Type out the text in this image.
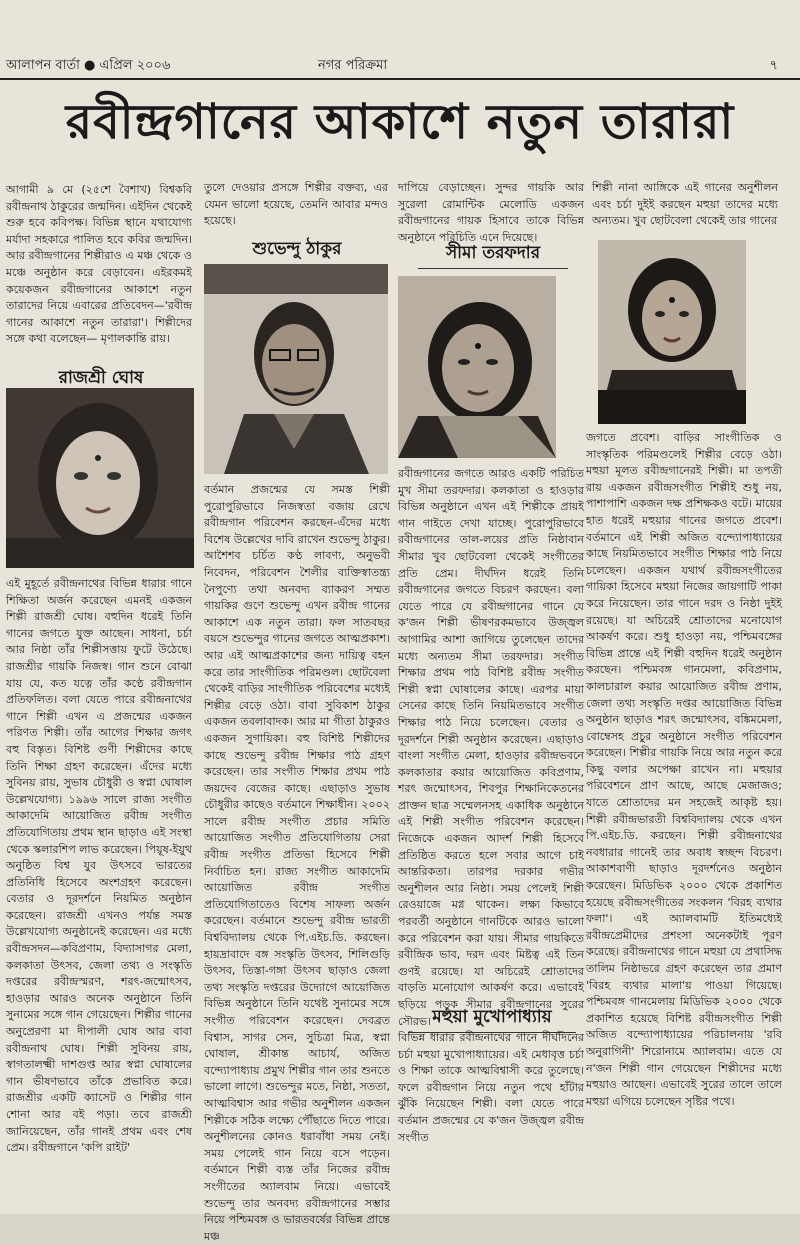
আলাপন বার্তা ● এপ্রিল ২০০৬	নগর পরিক্রমা	৭
রবীন্দ্রগানের আকাশে নতুন তারারা
আগামী ৯ মে (২৫শে বৈশাখ) বিশ্বকবি রবীন্দ্রনাথ ঠাকুরের জন্মদিন। এইদিন থেকেই শুরু হবে কবিপক্ষ। বিভিন্ন স্থানে যথাযোগ্য মর্যাদা সহকারে পালিত হবে কবির জন্মদিন। আর রবীন্দ্রগানের শিল্পীরাও এ মঞ্চ থেকে ও মঞ্চে অনুষ্ঠান করে বেড়াবেন। এইরকমই কয়েকজন রবীন্দ্রগানের আকাশে নতুন তারাদের নিয়ে এবারের প্রতিবেদন—'রবীন্দ্র গানের আকাশে নতুন তারারা'। শিল্পীদের সঙ্গে কথা বলেছেন— মৃণালকান্তি রায়।
রাজশ্রী ঘোষ
এই মুহূর্তে রবীন্দ্রনাথের বিভিন্ন ধারার গানে শিক্ষিতা অর্জন করেছেন এমনই একজন শিল্পী রাজশ্রী ঘোষ। বহুদিন ধরেই তিনি গানের জগতে যুক্ত আছেন। সাধনা, চর্চা আর নিষ্ঠা তাঁর শিল্পীসত্তায় ফুটে উঠেছে। রাজশ্রীর গায়কি নিজস্ব। গান শুনে বোঝা যায় যে, কত যত্নে তাঁর কণ্ঠে রবীন্দ্রগান প্রতিফলিত। বলা যেতে পারে রবীন্দ্রনাথের গানে শিল্পী এখন এ প্রজন্মের একজন পরিণত শিল্পী। তাঁর আগের শিক্ষার জগৎ বহু বিস্তৃত। বিশিষ্ট গুণী শিল্পীদের কাছে তিনি শিক্ষা গ্রহণ করেছেন। এঁদের মধ্যে সুবিনয় রায়, সুভাষ চৌধুরী ও স্বপ্না ঘোষাল উল্লেখযোগ্য। ১৯৯৬ সালে রাজ্য সংগীত আকাদেমি আয়োজিত রবীন্দ্র সংগীত প্রতিযোগিতায় প্রথম স্থান ছাড়াও এই সংস্থা থেকে স্কলারশিপ লাভ করেছেন। পিয়ূষ-ইয়ুথ অনুষ্ঠিত বিশ্ব যুব উৎসবে ভারতের প্রতিনিধি হিসেবে অংশগ্রহণ করেছেন। বেতার ও দূরদর্শনে নিয়মিত অনুষ্ঠান করেছেন। রাজশ্রী এখনও পর্যন্ত সমস্ত উল্লেখযোগ্য অনুষ্ঠানেই করেছেন। এর মধ্যে রবীন্দ্রসদন—কবিপ্রণাম, বিদ্যাসাগর মেলা, কলকাতা উৎসব, জেলা তথ্য ও সংস্কৃতি দপ্তরের রবীন্দ্রস্মরণ, শরৎ-জন্মোৎসব, হাওড়ার আরও অনেক অনুষ্ঠানে তিনি সুনামের সঙ্গে গান গেয়েছেন। শিল্পীর গানের অনুপ্রেরণা মা দীপালী ঘোষ আর বাবা রবীন্দ্রনাথ ঘোষ। শিল্পী সুবিনয় রায়, স্বাগতালক্ষ্মী দাশগুপ্ত আর স্বপ্না ঘোষালের গান ভীষণভাবে তাঁকে প্রভাবিত করে। রাজশ্রীর একটি ক্যাসেট ও শিল্পীর গান শোনা আর বই পড়া। তবে রাজশ্রী জানিয়েছেন, তাঁর গানই প্রথম এবং শেষ প্রেম। রবীন্দ্রগানে 'কপি রাইট'
তুলে দেওয়ার প্রসঙ্গে শিল্পীর বক্তব্য, এর যেমন ভালো হয়েছে, তেমনি আবার মন্দও হয়েছে।
শুভেন্দু ঠাকুর
বর্তমান প্রজন্মের যে সমস্ত শিল্পী পুরোপুরিভাবে নিজস্বতা বজায় রেখে রবীন্দ্রগান পরিবেশন করছেন-এঁদের মধ্যে বিশেষ উল্লেখের দাবি রাখেন শুভেন্দু ঠাকুর। আশৈশব চর্চিত কণ্ঠ লাবণ্য, অনুভবী নিবেদন, পরিবেশন শৈলীর ব্যক্তিস্বাতন্ত্র্য নৈপুণ্যে তথা অনবদ্য ব্যাকরণ সম্মত গায়কির গুণে শুভেন্দু এখন রবীন্দ্র গানের আকাশে এক নতুন তারা। ফল সাতবছর বয়সে শুভেন্দুর গানের জগতে আত্মপ্রকাশ। আর এই আত্মপ্রকাশের জন্য দায়িত্ব বহন করে তার সাংগীতিক পরিমণ্ডল। ছোটবেলা থেকেই বাড়ির সাংগীতিক পরিবেশের মধ্যেই শিল্পীর বেড়ে ওঠা। বাবা সুবিকাশ ঠাকুর একজন তবলাবাদক। আর মা গীতা ঠাকুরও একজন সুগায়িকা। বহু বিশিষ্ট শিল্পীদের কাছে শুভেন্দু রবীন্দ্র শিক্ষার পাঠ গ্রহণ করেছেন। তার সংগীত শিক্ষার প্রথম পাঠ জয়দেব বেজের কাছে। এছাড়াও সুভাষ চৌধুরীর কাছেও বর্তমানে শিক্ষাধীন। ২০০২ সালে রবীন্দ্র সংগীত প্রচার সমিতি আয়োজিত সংগীত প্রতিযোগিতায় সেরা রবীন্দ্র সংগীত প্রতিভা হিসেবে শিল্পী নির্বাচিত হন। রাজ্য সংগীত আকাদেমি আয়োজিত রবীন্দ্র সংগীত প্রতিযোগিতাতেও বিশেষ সাফল্য অর্জন করেছেন। বর্তমানে শুভেন্দু রবীন্দ্র ভারতী বিশ্ববিদ্যালয় থেকে পি.এইচ.ডি. করছেন। হায়দ্রাবাদে বঙ্গ সংস্কৃতি উৎসব, শিলিগুড়ি উৎসব, তিস্তা-গঙ্গা উৎসব ছাড়াও জেলা তথ্য সংস্কৃতি দপ্তরের উদ্যোগে আয়োজিত বিভিন্ন অনুষ্ঠানে তিনি যথেষ্ট সুনামের সঙ্গে সংগীত পরিবেশন করেছেন। দেবব্রত বিশ্বাস, সাগর সেন, সুচিত্রা মিত্র, স্বপ্না ঘোষাল, শ্রীকান্ত আচার্য, অজিত বন্দ্যোপাধ্যায় প্রমুখ শিল্পীর গান তার শুনতে ভালো লাগে। শুভেন্দুর মতে, নিষ্ঠা, সততা, আত্মবিশ্বাস আর গভীর অনুশীলন একজন শিল্পীকে সঠিক লক্ষ্যে পৌঁছাতে দিতে পারে। অনুশীলনের কোনও ধরাবাঁধা সময় নেই। সময় পেলেই গান নিয়ে বসে পড়েন। বর্তমানে শিল্পী ব্যস্ত তাঁর নিজের রবীন্দ্র সংগীতের অ্যালবাম নিয়ে। এভাবেই শুভেন্দু তার অনবদ্য রবীন্দ্রগানের সম্ভার নিয়ে পশ্চিমবঙ্গ ও ভারতবর্ষের বিভিন্ন প্রান্তে মঞ্চ
দাপিয়ে বেড়াচ্ছেন। সুন্দর গায়কি আর সুরেলা রোমান্টিক মেলোডি একজন রবীন্দ্রগানের গায়ক হিসাবে তাকে বিভিন্ন অনুষ্ঠানে পরিচিতি এনে দিয়েছে।
সীমা তরফদার
রবীন্দ্রগানের জগতে আরও একটি পরিচিত মুখ সীমা তরফদার। কলকাতা ও হাওড়ার বিভিন্ন অনুষ্ঠানে এখন এই শিল্পীকে প্রায়ই গান গাইতে দেখা যাচ্ছে। পুরোপুরিভাবে রবীন্দ্রগানের তাল-লয়ের প্রতি নিষ্ঠাবান সীমার খুব ছোটবেলা থেকেই সংগীতের প্রতি প্রেম। দীর্ঘদিন ধরেই তিনি রবীন্দ্রগানের জগতে বিচরণ করছেন। বলা যেতে পারে যে রবীন্দ্রগানের গানে যে ক'জন শিল্পী ভীষণরকমভাবে উজ্জ্বল আগামির আশা জাগিয়ে তুলেছেন তাদের মধ্যে অন্যতম সীমা তরফদার। সংগীত শিক্ষার প্রথম পাঠ বিশিষ্ট রবীন্দ্র সংগীত শিল্পী স্বপ্না ঘোষালের কাছে। এরপর মায়া সেনের কাছে তিনি নিয়মিতভাবে সংগীত শিক্ষার পাঠ নিয়ে চলেছেন। বেতার ও দূরদর্শনে শিল্পী অনুষ্ঠান করেছেন। এছাড়াও বাংলা সংগীত মেলা, হাওড়ার রবীন্দ্রভবনে কলকাতার কয়ার আয়োজিত কবিপ্রণাম, শরৎ জন্মোৎসব, শিবপুর শিক্ষানিকেতনের প্রাক্তন ছাত্র সম্মেলনসহ একাধিক অনুষ্ঠানে এই শিল্পী সংগীত পরিবেশন করেছেন। নিজেকে একজন আদর্শ শিল্পী হিসেবে প্রতিষ্ঠিত করতে হলে সবার আগে চাই আন্তরিকতা। তারপর দরকার গভীর অনুশীলন আর নিষ্ঠা। সময় পেলেই শিল্পী রেওয়াজে মগ্ন থাকেন। লক্ষ্য কিভাবে পরবর্তী অনুষ্ঠানে গানটিকে আরও ভালো করে পরিবেশন করা যায়। সীমার গায়কিতে রবীন্দ্রিক ভাব, দরদ এবং মিষ্টত্ব এই তিন গুণই রয়েছে। যা অচিরেই শ্রোতাদের বাড়তি মনোযোগ আকর্ষণ করে। এভাবেই ছড়িয়ে পড়ুক সীমার রবীন্দ্রগানের সুরের সৌরভ। মহুয়া মুখোপাধ্যায়
বিভিন্ন ধারার রবীন্দ্রনাথের গানে দীর্ঘদিনের চর্চা মহুয়া মুখোপাধ্যায়ের। এই মেধাবৃত্ত চর্চা ও শিক্ষা তাকে আত্মবিশ্বাসী করে তুলেছে। ফলে রবীন্দ্রগান নিয়ে নতুন পথে হাঁটার ঝুঁকি নিয়েছেন শিল্পী। বলা যেতে পারে বর্তমান প্রজন্মের যে ক'জন উজ্জ্বল রবীন্দ্র সংগীত
শিল্পী নানা আঙ্গিকে এই গানের অনুশীলন এবং চর্চা দুইই করছেন মহুয়া তাদের মধ্যে অন্যতম। খুব ছোটবেলা থেকেই তার গানের
জগতে প্রবেশ। বাড়ির সাংগীতিক ও সাংস্কৃতিক পরিমণ্ডলেই শিল্পীর বেড়ে ওঠা। মহুয়া মূলত রবীন্দ্রগানেরই শিল্পী। মা তপতী রায় একজন রবীন্দ্রসংগীত শিল্পীই শুধু নয়, পাশাপাশি একজন দক্ষ প্রশিক্ষকও বটে। মায়ের হাত ধরেই মহুয়ার গানের জগতে প্রবেশ। বর্তমানে এই শিল্পী অজিত বন্দ্যোপাধ্যায়ের কাছে নিয়মিতভাবে সংগীত শিক্ষার পাঠ নিয়ে চলেছেন। একজন যথার্থ রবীন্দ্রসংগীতের গায়িকা হিসেবে মহুয়া নিজের জায়গাটি পাকা করে নিয়েছেন। তার গানে দরদ ও নিষ্ঠা দুইই রয়েছে। যা অচিরেই শ্রোতাদের মনোযোগ আকর্ষণ করে। শুধু হাওড়া নয়, পশ্চিমবঙ্গের বিভিন্ন প্রান্তে এই শিল্পী বহুদিন ধরেই অনুষ্ঠান করছেন। পশ্চিমবঙ্গ গানমেলা, কবিপ্রণাম, কালচারাল কয়ার আয়োজিত রবীন্দ্র প্রণাম, জেলা তথ্য সংস্কৃতি দপ্তর আয়োজিত বিভিন্ন অনুষ্ঠান ছাড়াও শরৎ জন্মোৎসব, বঙ্কিমমেলা, বোম্বেসহ প্রচুর অনুষ্ঠানে সংগীত পরিবেশন করেছেন। শিল্পীর গায়কি নিয়ে আর নতুন করে কিছু বলার অপেক্ষা রাখেন না। মহুয়ার পরিবেশনে প্রাণ আছে, আছে মেজাজও; যাতে শ্রোতাদের মন সহজেই আকৃষ্ট হয়। শিল্পী রবীন্দ্রভারতী বিশ্ববিদ্যালয় থেকে এখন পি.এইচ.ডি. করছেন। শিল্পী রবীন্দ্রনাথের নবধারার গানেই তার অবাধ স্বচ্ছন্দ বিচরণ। আকাশবাণী ছাড়াও দূরদর্শনেও অনুষ্ঠান করেছেন। মিডিভিক ২০০০ থেকে প্রকাশিত হয়েছে রবীন্দ্রসংগীতের সংকলন 'বিরহ ব্যথার ফলা'। এই অ্যালবামটি ইতিমধ্যেই রবীন্দ্রপ্রেমীদের প্রশংসা অনেকটাই পূরণ করেছে। রবীন্দ্রনাথের গানে মহুয়া যে প্রথাসিদ্ধ তালিম নিষ্ঠাভরে গ্রহণ করেছেন তার প্রমাণ 'বিরহ ব্যথার মালা'য় পাওয়া গিয়েছে। পশ্চিমবঙ্গ গানমেলায় মিডিভিক ২০০০ থেকে প্রকাশিত হয়েছে বিশিষ্ট রবীন্দ্রসংগীত শিল্পী অজিত বন্দ্যোপাধ্যায়ের পরিচালনায় 'রবি অনুরাগিনী' শিরোনামে অ্যালবাম। এতে যে ন'জন শিল্পী গান গেয়েছেন শিল্পীদের মধ্যে মহুয়াও আছেন। এভাবেই সুরের তালে তালে মহুয়া এগিয়ে চলেছেন সৃষ্টির পথে।
